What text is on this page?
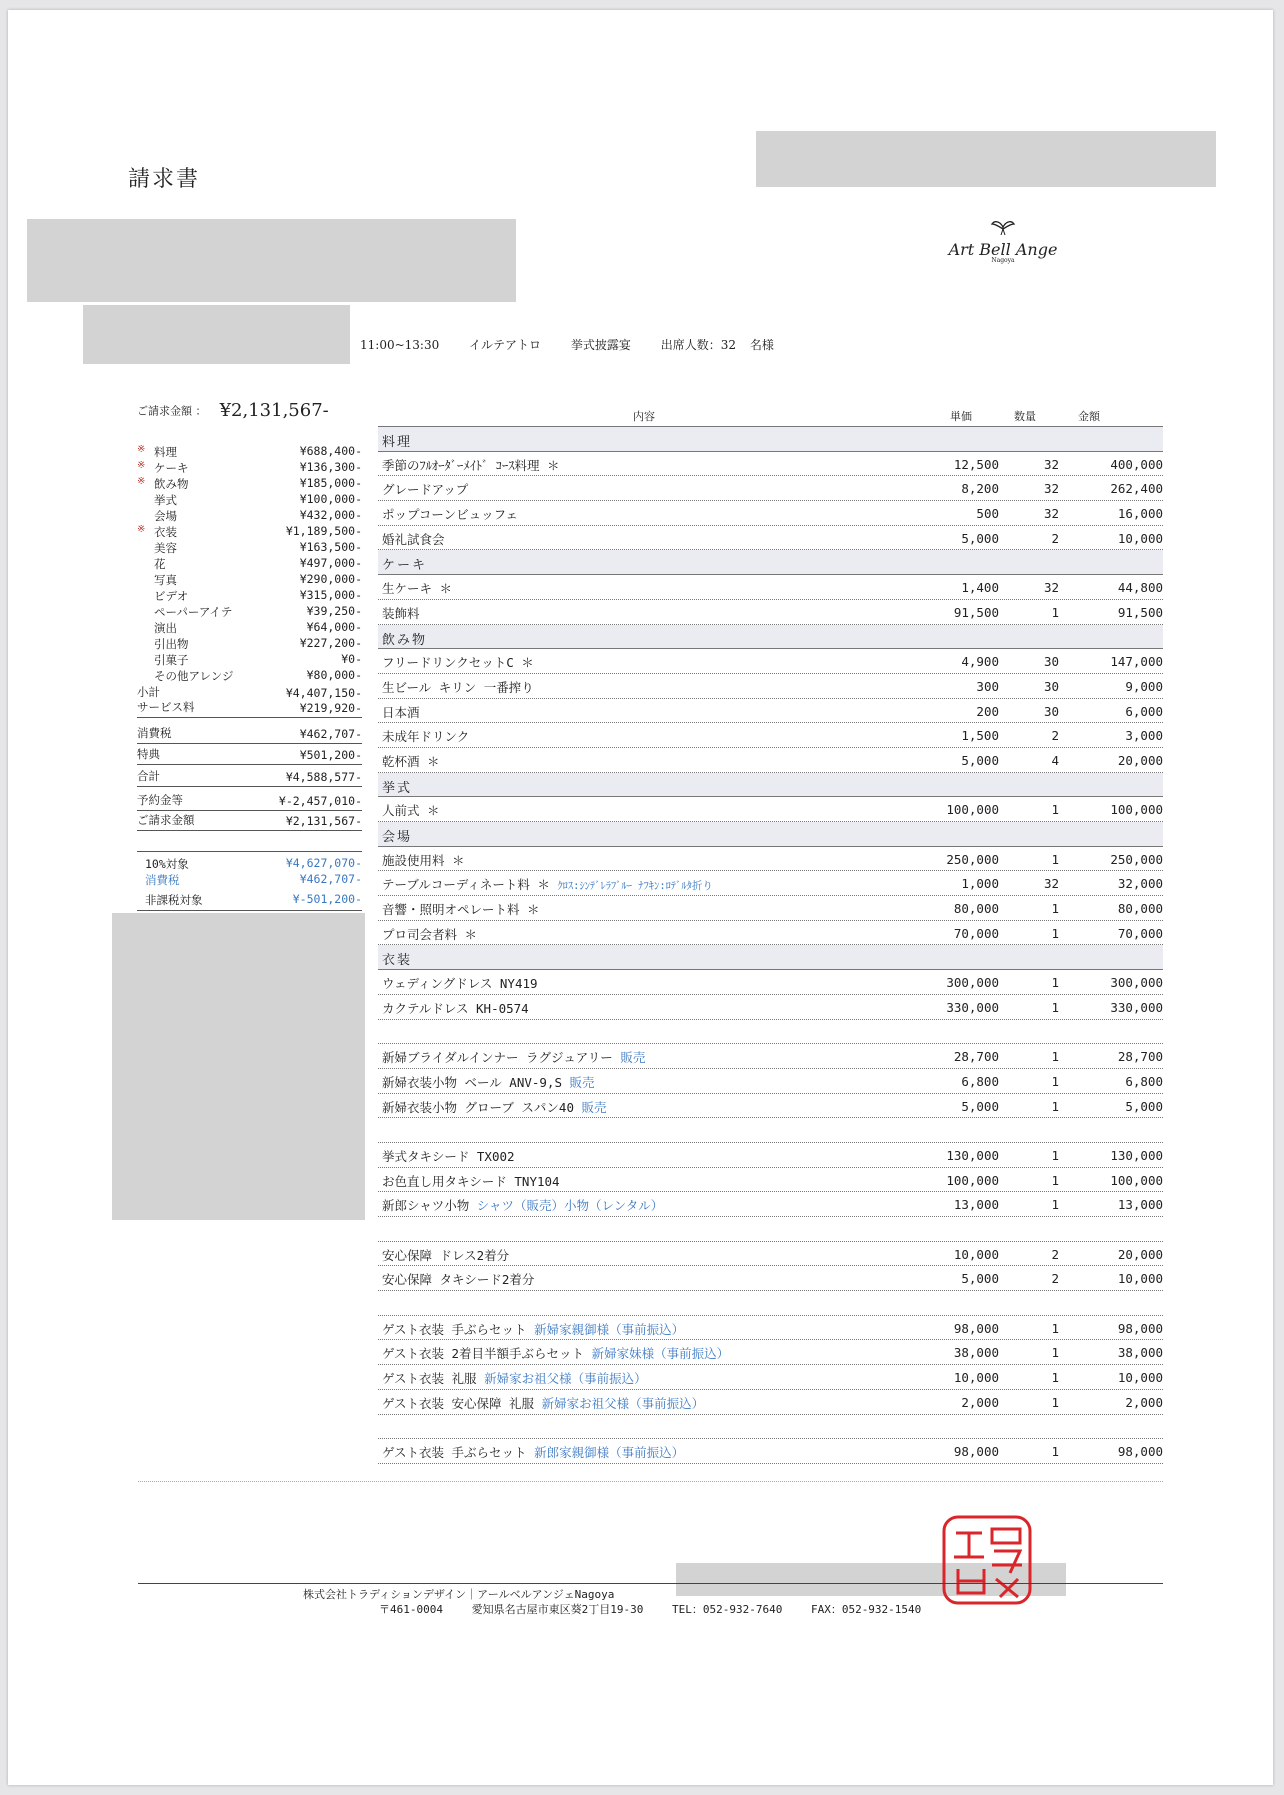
請求書
Art Bell Ange
Nagoya
11:00~13:30 イルテアトロ 挙式披露宴 出席人数：32 名様
ご請求金額 ： ¥2,131,567-
※ 料理	¥688,400-
※ ケーキ	¥136,300-
※ 飲み物	¥185,000-
挙式	¥100,000-
会場	¥432,000-
※ 衣装	¥1,189,500-
美容	¥163,500-
花	¥497,000-
写真	¥290,000-
ビデオ	¥315,000-
ペーパーアイテ	¥39,250-
演出	¥64,000-
引出物	¥227,200-
引菓子	¥0-
その他アレンジ	¥80,000-
小計	¥4,407,150-
サービス料	¥219,920-
消費税	¥462,707-
特典	¥501,200-
合計	¥4,588,577-
予約金等	¥-2,457,010-
ご請求金額	¥2,131,567-
10%対象	¥4,627,070-
消費税	¥462,707-
非課税対象	¥-501,200-
内容	単価	数量	金額
料理
季節のﾌﾙｵｰﾀﾞｰﾒｲﾄﾞ ｺｰｽ料理 ＊	12,500	32	400,000
グレードアップ	8,200	32	262,400
ポップコーンビュッフェ	500	32	16,000
婚礼試食会	5,000	2	10,000
ケーキ
生ケーキ ＊	1,400	32	44,800
装飾料	91,500	1	91,500
飲み物
フリードリンクセットC ＊	4,900	30	147,000
生ビール キリン 一番搾り	300	30	9,000
日本酒	200	30	6,000
未成年ドリンク	1,500	2	3,000
乾杯酒 ＊	5,000	4	20,000
挙式
人前式 ＊	100,000	1	100,000
会場
施設使用料 ＊	250,000	1	250,000
テーブルコーディネート料 ＊ ｸﾛｽ:ｼﾝﾃﾞﾚﾗﾌﾞﾙｰ ﾅﾌｷﾝ:ﾛﾃﾞﾙﾀ折り	1,000	32	32,000
音響・照明オペレート料 ＊	80,000	1	80,000
プロ司会者料 ＊	70,000	1	70,000
衣装
ウェディングドレス NY419	300,000	1	300,000
カクテルドレス KH-0574	330,000	1	330,000
新婦ブライダルインナー ラグジュアリー 販売	28,700	1	28,700
新婦衣装小物 ベール ANV-9,S 販売	6,800	1	6,800
新婦衣装小物 グローブ スパン40 販売	5,000	1	5,000
挙式タキシード TX002	130,000	1	130,000
お色直し用タキシード TNY104	100,000	1	100,000
新郎シャツ小物 シャツ（販売）小物（レンタル）	13,000	1	13,000
安心保障 ドレス2着分	10,000	2	20,000
安心保障 タキシード2着分	5,000	2	10,000
ゲスト衣装 手ぶらセット 新婦家親御様（事前振込）	98,000	1	98,000
ゲスト衣装 2着目半額手ぶらセット 新婦家妹様（事前振込）	38,000	1	38,000
ゲスト衣装 礼服 新婦家お祖父様（事前振込）	10,000	1	10,000
ゲスト衣装 安心保障 礼服 新婦家お祖父様（事前振込）	2,000	1	2,000
ゲスト衣装 手ぶらセット 新郎家親御様（事前振込）	98,000	1	98,000
株式会社トラディションデザイン｜アールベルアンジェNagoya
〒461-0004	愛知県名古屋市東区葵2丁目19-30	TEL：052-932-7640	FAX：052-932-1540
